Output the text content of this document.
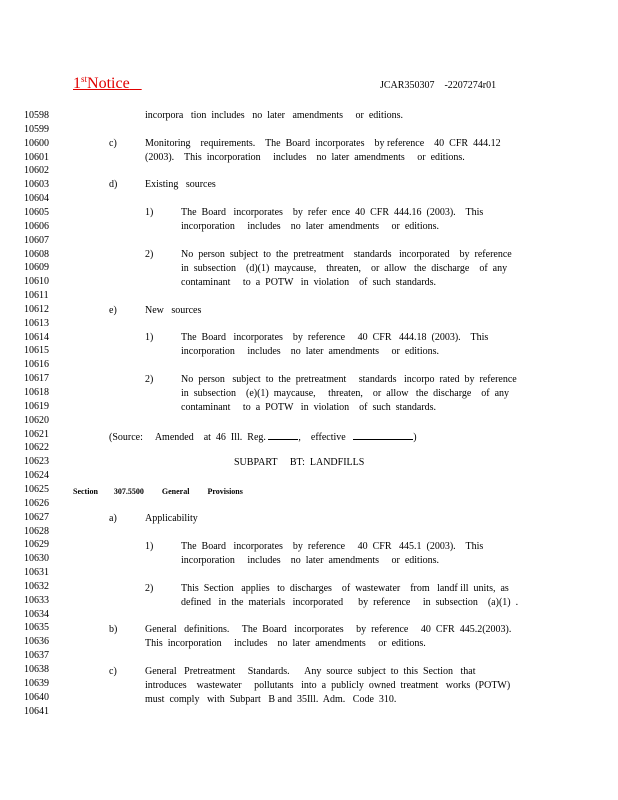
1stNotice	JCAR350307 -2207274r01
10598
10599
10600
10601
10602
10603
10604
10605
10606
10607
10608
10609
10610
10611
10612
10613
10614
10615
10616
10617
10618
10619
10620
10621
10622
10623
10624
10625
10626
10627
10628
10629
10630
10631
10632
10633
10634
10635
10636
10637
10638
10639
10640
10641
incorpora   tion  includes   no  later   amendments     or  editions.
c)	Monitoring    requirements.    The  Board  incorporates    by reference    40  CFR  444.12
(2003).    This  incorporation     includes    no  later  amendments     or  editions.
d)	Existing   sources
1)	The  Board   incorporates    by  refer  ence  40  CFR  444.16  (2003).    This
incorporation     includes    no  later  amendments     or  editions.
2)	No  person  subject  to  the  pretreatment    standards   incorporated    by  reference
in  subsection    (d)(1)  maycause,    threaten,    or  allow   the  discharge    of  any
contaminant     to  a  POTW   in  violation    of  such  standards.
e)	New   sources
1)	The  Board   incorporates    by  reference     40  CFR   444.18  (2003).    This
incorporation     includes    no  later  amendments     or  editions.
2)	No  person   subject  to  the  pretreatment     standards   incorpo  rated  by  reference
in  subsection    (e)(1)  maycause,     threaten,    or  allow   the  discharge    of  any
contaminant     to  a  POTW   in  violation    of  such  standards.
(Source:     Amended    at  46  Ill.  Reg.	,    effective	)
SUBPART     BT:  LANDFILLS
Section 307.5500 General Provisions
a)	Applicability
1)	The  Board   incorporates    by  reference     40  CFR   445.1  (2003).    This
incorporation     includes    no  later  amendments     or  editions.
2)	This  Section   applies   to  discharges    of  wastewater    from   landf ill  units,  as
defined   in  the  materials   incorporated      by  reference     in  subsection    (a)(1)  .
b)	General   definitions.     The  Board   incorporates     by  reference     40  CFR  445.2(2003).
This  incorporation     includes    no  later  amendments     or  editions.
c)	General   Pretreatment     Standards.      Any  source  subject  to  this  Section   that
introduces    wastewater     pollutants   into  a  publicly  owned  treatment   works  (POTW)
must  comply   with  Subpart   B and  35Ill.  Adm.   Code  310.
